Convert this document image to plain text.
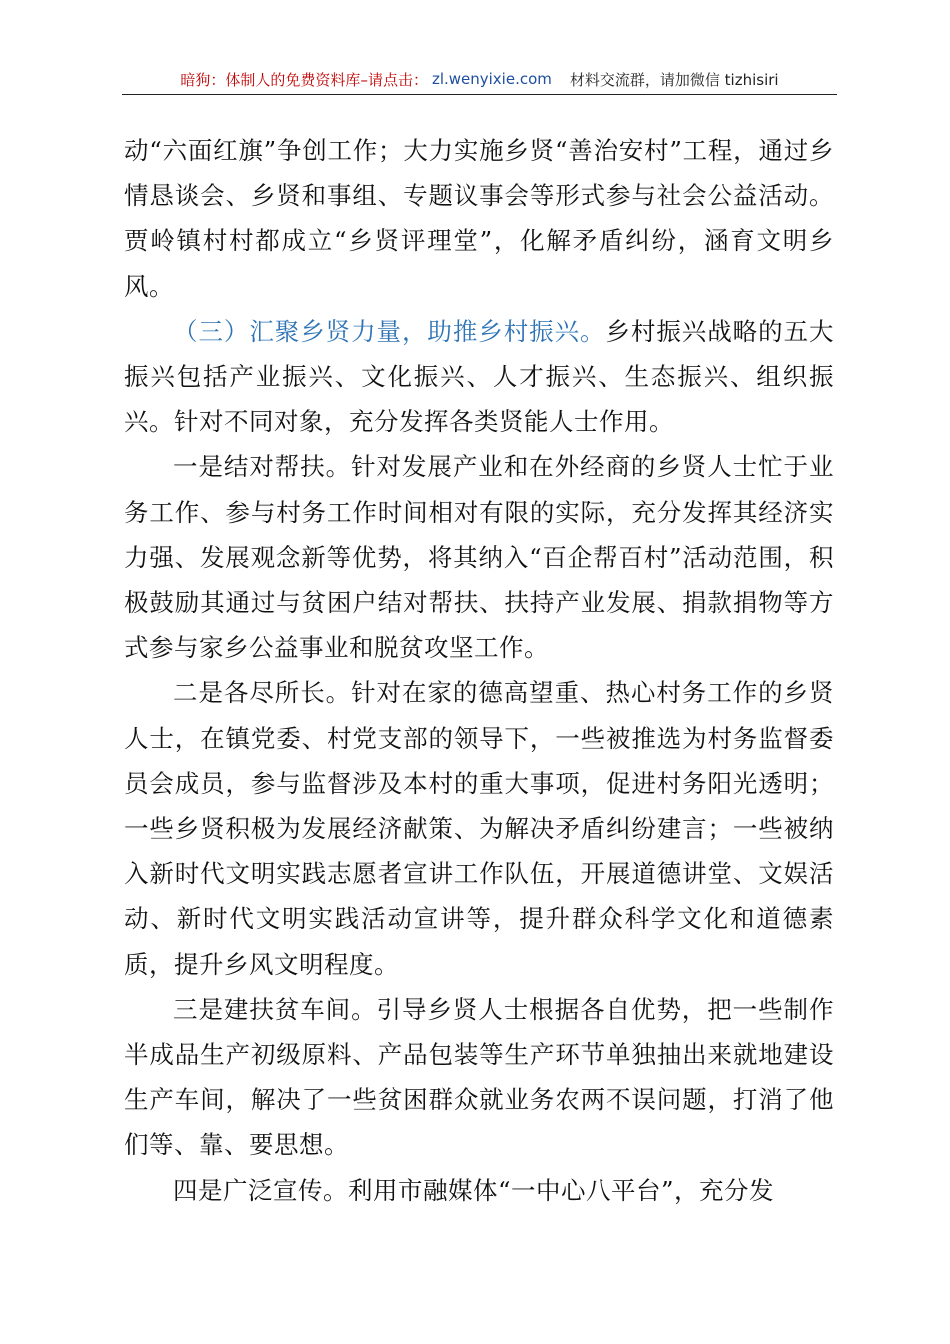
暗狗：体制人的免费资料库 –请点击： zl.wenyixie.com 材料交流群，请加微信 tizhisiri

动“六面红旗”争创工作；大力实施乡贤“善治安村”工程，通过乡情恳谈会、乡贤和事组、专题议事会等形式参与社会公益活动。贾岭镇村村都成立“乡贤评理堂”，化解矛盾纠纷，涵育文明乡风。

（三）汇聚乡贤力量，助推乡村振兴。乡村振兴战略的五大振兴包括产业振兴、文化振兴、人才振兴、生态振兴、组织振兴。针对不同对象，充分发挥各类贤能人士作用。

一是结对帮扶。针对发展产业和在外经商的乡贤人士忙于业务工作、参与村务工作时间相对有限的实际，充分发挥其经济实力强、发展观念新等优势，将其纳入“百企帮百村”活动范围，积极鼓励其通过与贫困户结对帮扶、扶持产业发展、捐款捐物等方式参与家乡公益事业和脱贫攻坚工作。

二是各尽所长。针对在家的德高望重、热心村务工作的乡贤人士，在镇党委、村党支部的领导下，一些被推选为村务监督委员会成员，参与监督涉及本村的重大事项，促进村务阳光透明；一些乡贤积极为发展经济献策、为解决矛盾纠纷建言；一些被纳入新时代文明实践志愿者宣讲工作队伍，开展道德讲堂、文娱活动、新时代文明实践活动宣讲等，提升群众科学文化和道德素质，提升乡风文明程度。

三是建扶贫车间。引导乡贤人士根据各自优势，把一些制作半成品生产初级原料、产品包装等生产环节单独抽出来就地建设生产车间，解决了一些贫困群众就业务农两不误问题，打消了他们等、靠、要思想。

四是广泛宣传。利用市融媒体“一中心八平台”，充分发
